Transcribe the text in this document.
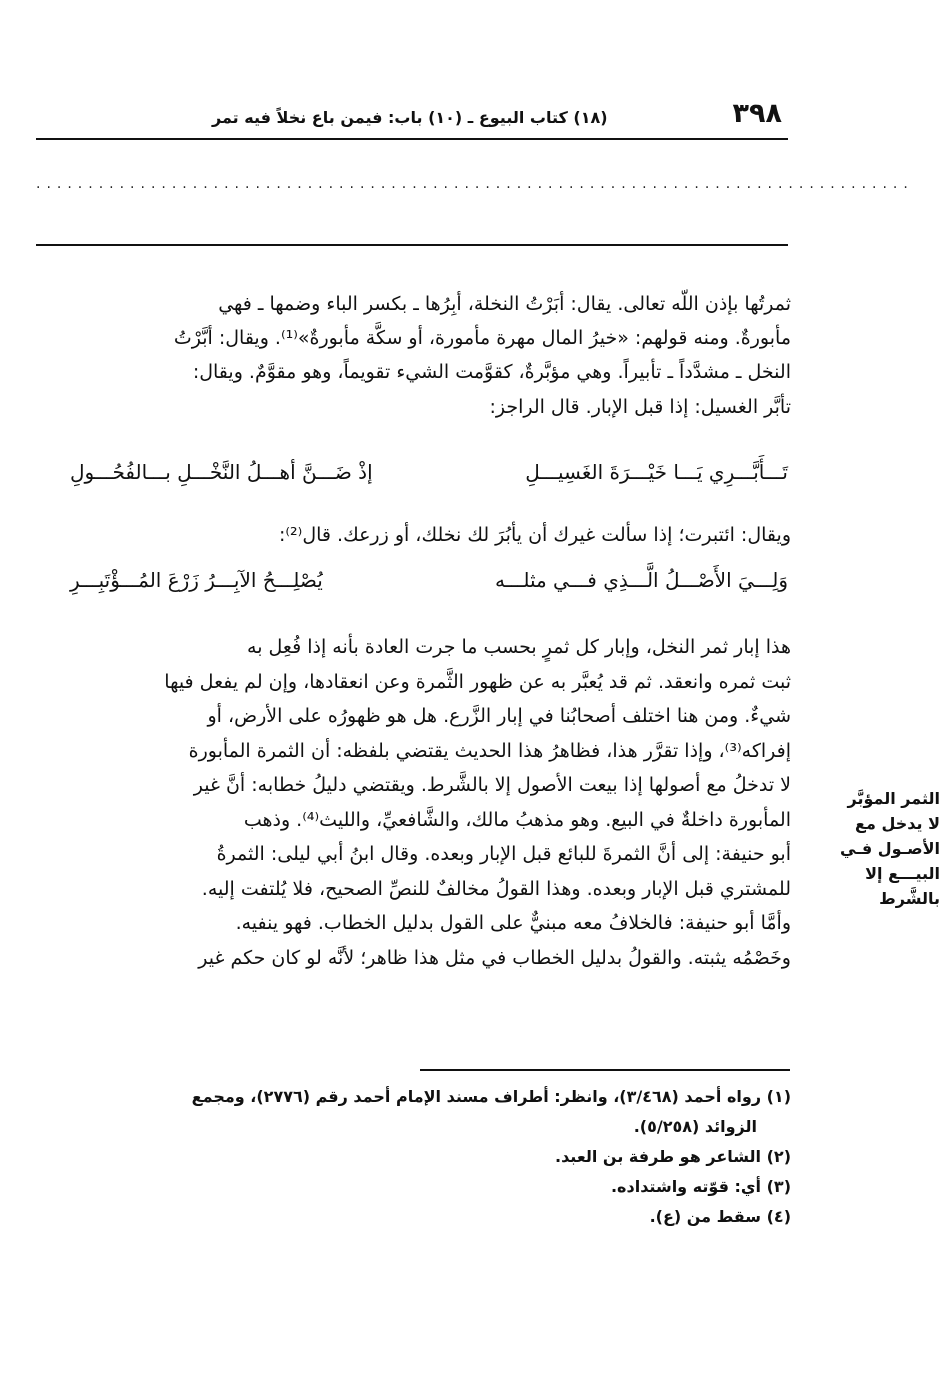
٣٩٨
(١٨) كتاب البيوع ـ (١٠) باب: فيمن باع نخلاً فيه تمر
....................................................................................
ثمرتُها بإذن اللّه تعالى. يقال: أبَرْتُ النخلة، أبِرُها ـ بكسر الباء وضمها ـ فهي
مأبورةٌ. ومنه قولهم: «خيرُ المال مهرة مأمورة، أو سكَّة مأبورةٌ»⁽¹⁾. ويقال: أبَّرْتُ
النخل ـ مشدَّداً ـ تأبيراً. وهي مؤبَّرةٌ، كقوَّمت الشيء تقويماً، وهو مقوَّمٌ. ويقال:
تأبَّر الغسيل: إذا قبل الإبار. قال الراجز:
تَـــأَبَّـــرِي يَـــا خَيْـــرَةَ الغَسِيـــلِ
إذْ ضَـــنَّ أهـــلُ النَّخْـــلِ بـــالفُحُـــولِ
ويقال: ائتبرت؛ إذا سألت غيرك أن يأبُرَ لك نخلك، أو زرعك. قال⁽²⁾:
وَلِـــيَ الأَصْـــلُ الَّـــذِي فـــي مثلـــه
يُصْلِـــحُ الآبِـــرُ زَرْعَ المُـــؤْتَبِـــرِ
هذا إبار ثمر النخل، وإبار كل ثمرٍ بحسب ما جرت العادة بأنه إذا فُعِل به
ثبت ثمره وانعقد. ثم قد يُعبَّر به عن ظهور الثَّمرة وعن انعقادها، وإن لم يفعل فيها
شيءٌ. ومن هنا اختلف أصحابُنا في إبار الزَّرع. هل هو ظهورُه على الأرض، أو
إفراكه⁽³⁾، وإذا تقرَّر هذا، فظاهرُ هذا الحديث يقتضي بلفظه: أن الثمرة المأبورة
لا تدخلُ مع أصولها إذا بيعت الأصول إلا بالشَّرط. ويقتضي دليلُ خطابه: أنَّ غير
المأبورة داخلةٌ في البيع. وهو مذهبُ مالك، والشَّافعيِّ، والليث⁽⁴⁾. وذهب
أبو حنيفة: إلى أنَّ الثمرةَ للبائع قبل الإبار وبعده. وقال ابنُ أبي ليلى: الثمرةُ
للمشتري قبل الإبار وبعده. وهذا القولُ مخالفٌ للنصِّ الصحيح، فلا يُلتفت إليه.
وأمَّا أبو حنيفة: فالخلافُ معه مبنيٌّ على القول بدليل الخطاب. فهو ينفيه.
وخَصْمُه يثبته. والقولُ بدليل الخطاب في مثل هذا ظاهر؛ لأنَّه لو كان حكم غير
الثمر المؤبَّر
لا يدخل مع
الأصـول فـي
البيـــع إلا
بالشَّرط
(١) رواه أحمد (٣/٤٦٨)، وانظر: أطراف مسند الإمام أحمد رقم (٢٧٧٦)، ومجمع
الزوائد (٥/٢٥٨).
(٢) الشاعر هو طرفة بن العبد.
(٣) أي: قوّته واشتداده.
(٤) سقط من (ع).
